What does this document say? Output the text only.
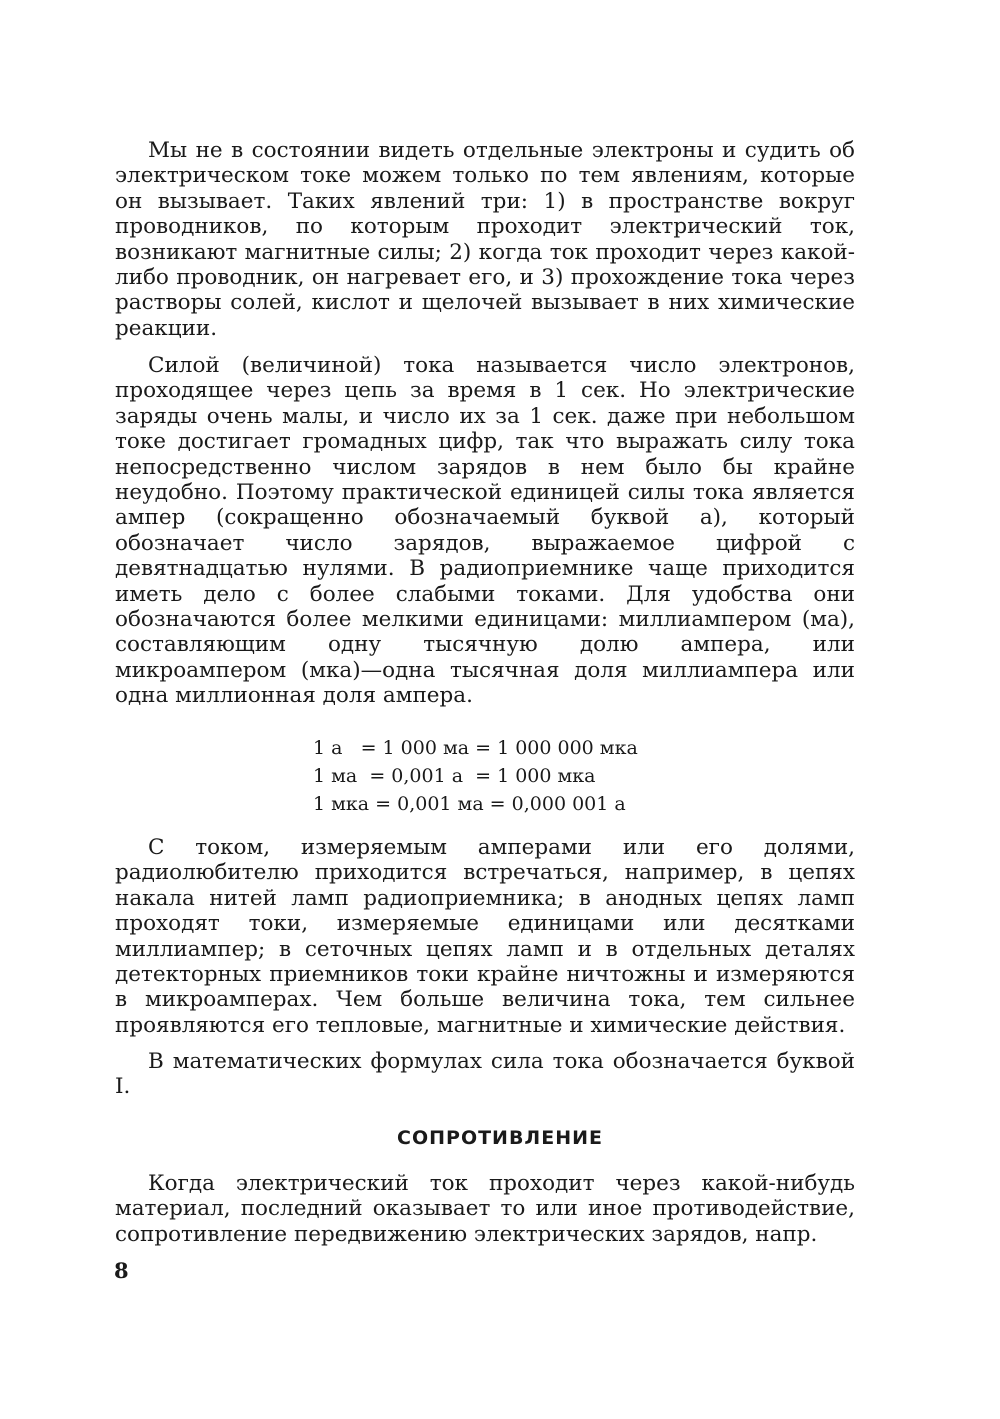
Мы не в состоянии видеть отдельные электроны и судить об электрическом токе можем только по тем явлениям, которые он вызывает. Таких явлений три: 1) в пространстве вокруг проводников, по которым проходит электрический ток, возникают магнитные силы; 2) когда ток проходит через какой-либо проводник, он нагревает его, и 3) прохождение тока через растворы солей, кислот и щелочей вызывает в них химические реакции.

Силой (величиной) тока называется число электронов, проходящее через цепь за время в 1 сек. Но электрические заряды очень малы, и число их за 1 сек. даже при небольшом токе достигает громадных цифр, так что выражать силу тока непосредственно числом зарядов в нем было бы крайне неудобно. Поэтому практической единицей силы тока является ампер (сокращенно обозначаемый буквой а), который обозначает число зарядов, выражаемое цифрой с девятнадцатью нулями. В радиоприемнике чаще приходится иметь дело с более слабыми токами. Для удобства они обозначаются более мелкими единицами: миллиампером (ма), составляющим одну тысячную долю ампера, или микроампером (мка)—одна тысячная доля миллиампера или одна миллионная доля ампера.

1 а   = 1 000 ма = 1 000 000 мка
1 ма  = 0,001 а  = 1 000 мка
1 мка = 0,001 ма = 0,000 001 а

С током, измеряемым амперами или его долями, радиолюбителю приходится встречаться, например, в цепях накала нитей ламп радиоприемника; в анодных цепях ламп проходят токи, измеряемые единицами или десятками миллиампер; в сеточных цепях ламп и в отдельных деталях детекторных приемников токи крайне ничтожны и измеряются в микроамперах. Чем больше величина тока, тем сильнее проявляются его тепловые, магнитные и химические действия.

В математических формулах сила тока обозначается буквой I.

СОПРОТИВЛЕНИЕ

Когда электрический ток проходит через какой-нибудь материал, последний оказывает то или иное противодействие, сопротивление передвижению электрических зарядов, напр.

8
